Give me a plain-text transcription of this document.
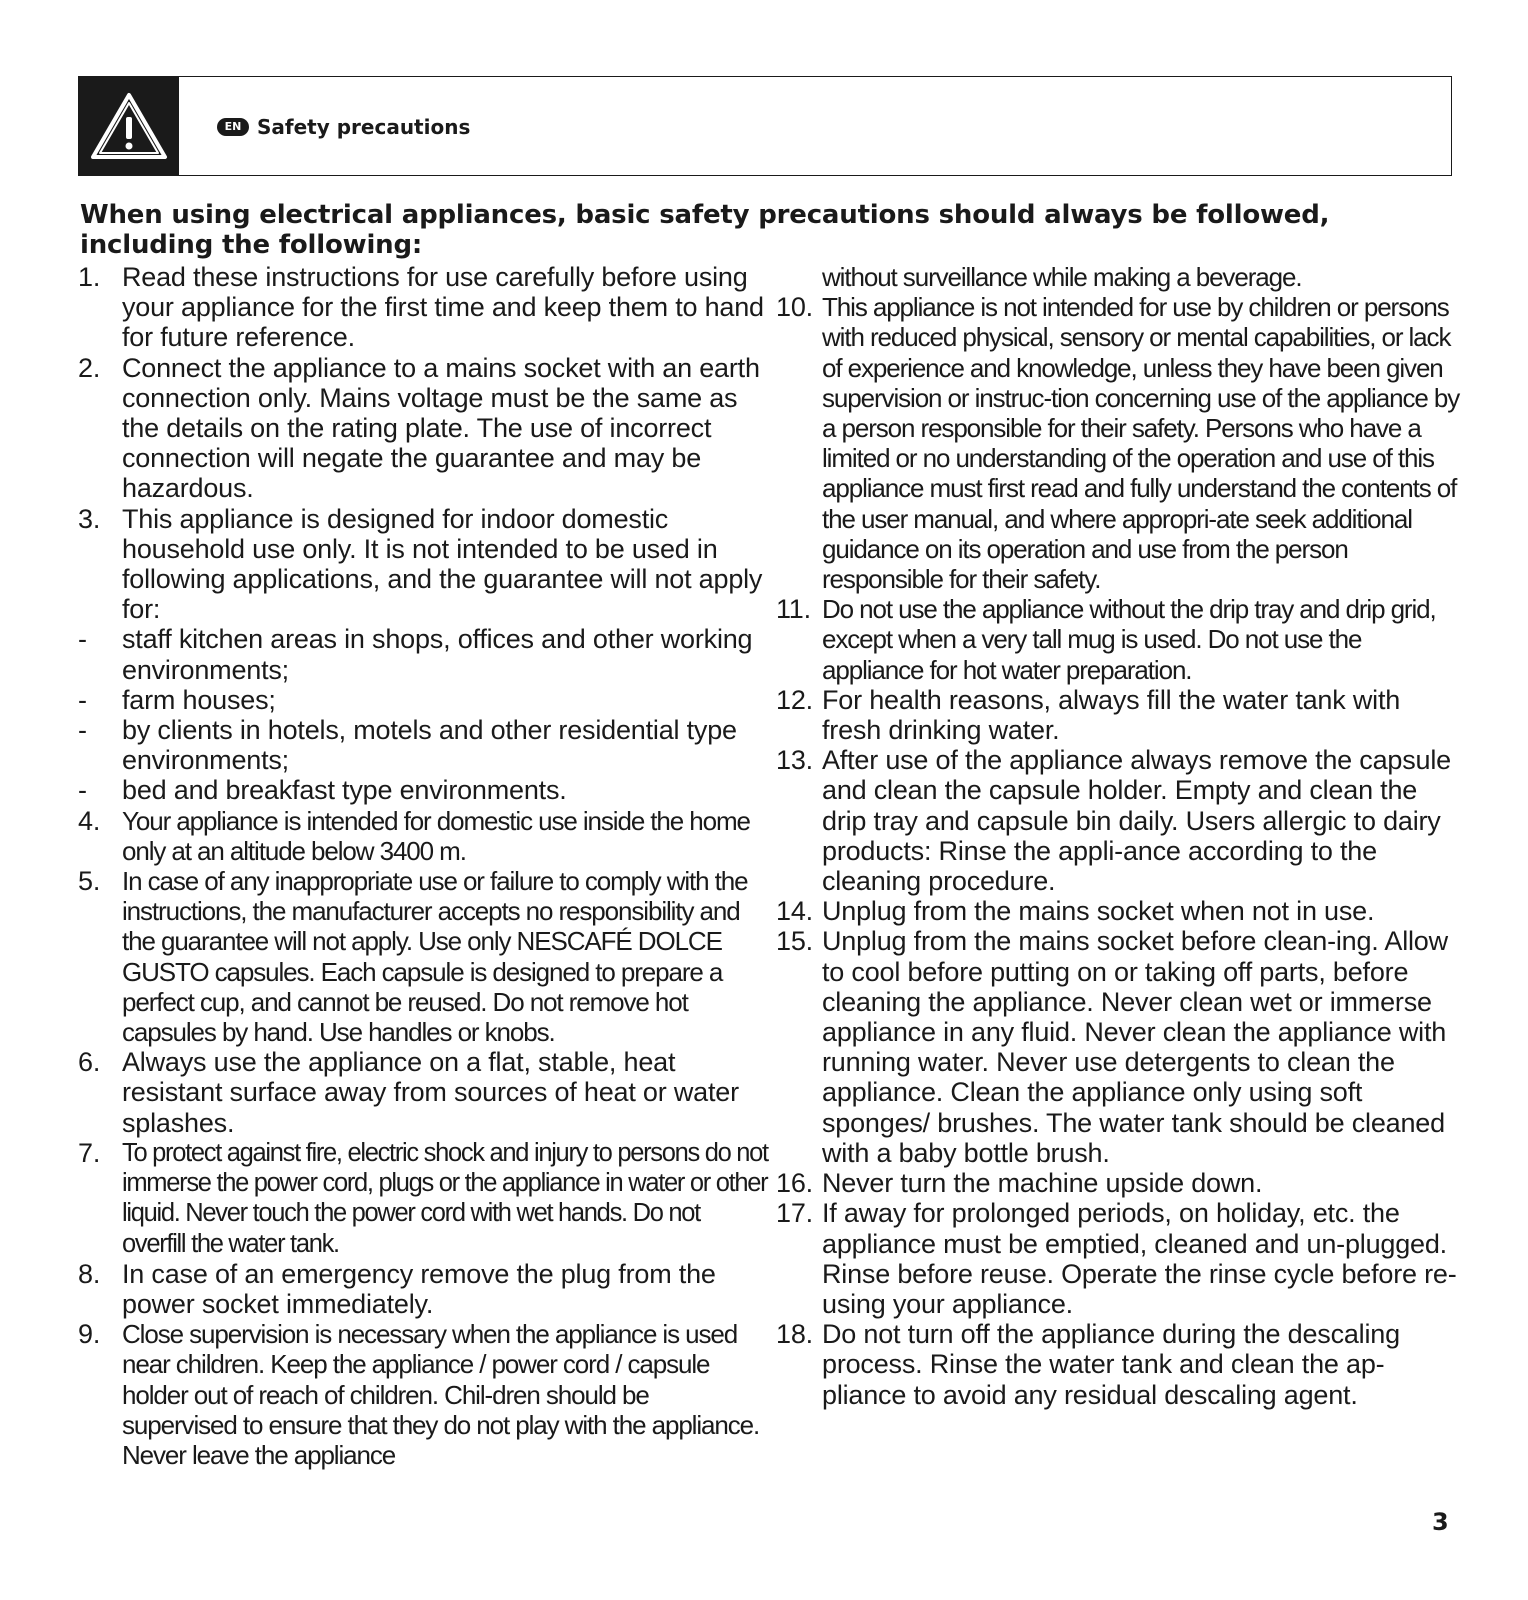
EN Safety precautions

When using electrical appliances, basic safety precautions should always be followed, including the following:

1. Read these instructions for use carefully before using your appliance for the first time and keep them to hand for future reference.
2. Connect the appliance to a mains socket with an earth connection only. Mains voltage must be the same as the details on the rating plate. The use of incorrect connection will negate the guarantee and may be hazardous.
3. This appliance is designed for indoor domestic household use only. It is not intended to be used in following applications, and the guarantee will not apply for:
-	staff kitchen areas in shops, offices and other working environments;
-	farm houses;
-	by clients in hotels, motels and other residential type environments;
-	bed and breakfast type environments.
4. Your appliance is intended for domestic use inside the home only at an altitude below 3400 m.
5. In case of any inappropriate use or failure to comply with the instructions, the manufacturer accepts no responsibility and the guarantee will not apply. Use only NESCAFÉ DOLCE GUSTO capsules. Each capsule is designed to prepare a perfect cup, and cannot be reused. Do not remove hot capsules by hand. Use handles or knobs.
6. Always use the appliance on a flat, stable, heat resistant surface away from sources of heat or water splashes.
7. To protect against fire, electric shock and injury to persons do not immerse the power cord, plugs or the appliance in water or other liquid. Never touch the power cord with wet hands. Do not overfill the water tank.
8. In case of an emergency remove the plug from the power socket immediately.
9. Close supervision is necessary when the appliance is used near children. Keep the appliance / power cord / capsule holder out of reach of children. Chil-dren should be supervised to ensure that they do not play with the appliance. Never leave the appliance
without surveillance while making a beverage.
10. This appliance is not intended for use by children or persons with reduced physical, sensory or mental capabilities, or lack of experience and knowledge, unless they have been given supervision or instruc-tion concerning use of the appliance by a person responsible for their safety. Persons who have a limited or no understanding of the operation and use of this appliance must first read and fully understand the contents of the user manual, and where appropri-ate seek additional guidance on its operation and use from the person responsible for their safety.
11. Do not use the appliance without the drip tray and drip grid, except when a very tall mug is used. Do not use the appliance for hot water preparation.
12. For health reasons, always fill the water tank with fresh drinking water.
13. After use of the appliance always remove the capsule and clean the capsule holder. Empty and clean the drip tray and capsule bin daily. Users allergic to dairy products: Rinse the appli-ance according to the cleaning procedure.
14. Unplug from the mains socket when not in use.
15. Unplug from the mains socket before clean-ing. Allow to cool before putting on or taking off parts, before cleaning the appliance. Never clean wet or immerse appliance in any fluid. Never clean the appliance with running water. Never use detergents to clean the appliance. Clean the appliance only using soft sponges/ brushes. The water tank should be cleaned with a baby bottle brush.
16. Never turn the machine upside down.
17. If away for prolonged periods, on holiday, etc. the appliance must be emptied, cleaned and un-plugged. Rinse before reuse. Operate the rinse cycle before re-using your appliance.
18. Do not turn off the appliance during the descaling process. Rinse the water tank and clean the ap-pliance to avoid any residual descaling agent.
3
